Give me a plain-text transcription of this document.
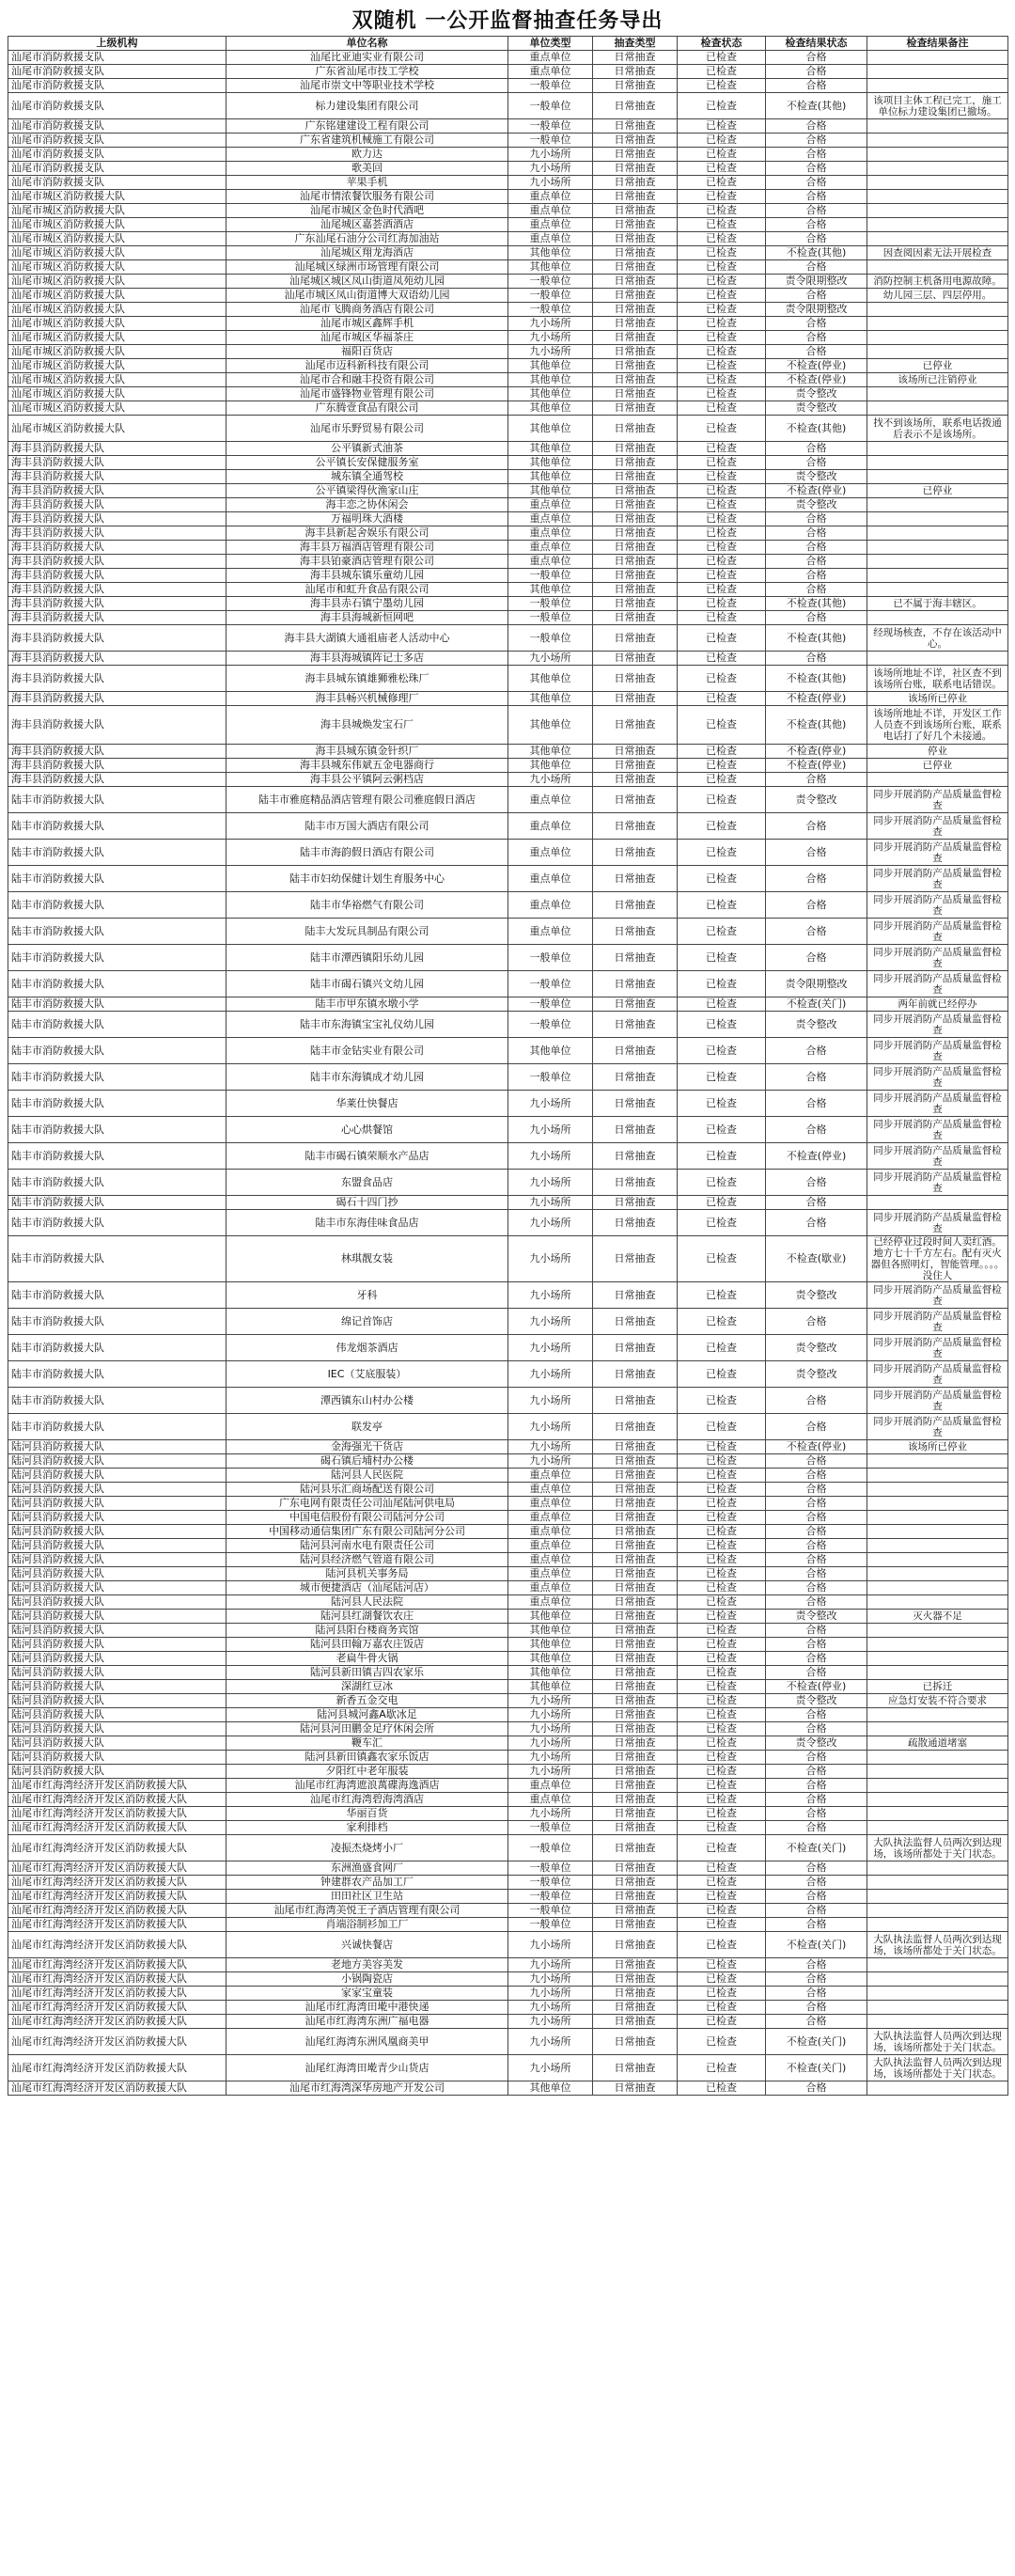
双随机 一公开监督抽查任务导出
上级机构	单位名称	单位类型	抽查类型	检查状态	检查结果状态	检查结果备注
汕尾市消防救援支队	汕尾比亚迪实业有限公司	重点单位	日常抽查	已检查	合格	
汕尾市消防救援支队	广东省汕尾市技工学校	重点单位	日常抽查	已检查	合格	
汕尾市消防救援支队	汕尾市崇文中等职业技术学校	一般单位	日常抽查	已检查	合格	
汕尾市消防救援支队	标力建设集团有限公司	一般单位	日常抽查	已检查	不检查(其他)	该项目主体工程已完工，施工单位标力建设集团已撤场。
汕尾市消防救援支队	广东铭建建设工程有限公司	一般单位	日常抽查	已检查	合格	
汕尾市消防救援支队	广东省建筑机械施工有限公司	一般单位	日常抽查	已检查	合格	
汕尾市消防救援支队	欧力达	九小场所	日常抽查	已检查	合格	
汕尾市消防救援支队	歌美回	九小场所	日常抽查	已检查	合格	
汕尾市消防救援支队	苹果手机	九小场所	日常抽查	已检查	合格	
汕尾市城区消防救援大队	汕尾市情浓餐饮服务有限公司	重点单位	日常抽查	已检查	合格	
汕尾市城区消防救援大队	汕尾市城区金色时代酒吧	重点单位	日常抽查	已检查	合格	
汕尾市城区消防救援大队	汕尾城区嘉荟酒酒店	重点单位	日常抽查	已检查	合格	
汕尾市城区消防救援大队	广东汕尾石油分公司红海加油站	重点单位	日常抽查	已检查	合格	
汕尾市城区消防救援大队	汕尾城区翔龙海酒店	其他单位	日常抽查	已检查	不检查(其他)	因查阅因素无法开展检查
汕尾市城区消防救援大队	汕尾城区绿洲市场管理有限公司	其他单位	日常抽查	已检查	合格	
汕尾市城区消防救援大队	汕尾城区城区凤山街道凤苑幼儿园	一般单位	日常抽查	已检查	责令限期整改	消防控制主机备用电源故障。
汕尾市城区消防救援大队	汕尾市城区凤山街道博大双语幼儿园	一般单位	日常抽查	已检查	合格	幼儿园三层、四层停用。
汕尾市城区消防救援大队	汕尾市飞腾商务酒店有限公司	一般单位	日常抽查	已检查	责令限期整改	
汕尾市城区消防救援大队	汕尾市城区鑫辉手机	九小场所	日常抽查	已检查	合格	
汕尾市城区消防救援大队	汕尾市城区华福茶庄	九小场所	日常抽查	已检查	合格	
汕尾市城区消防救援大队	福阳百货店	九小场所	日常抽查	已检查	合格	
汕尾市城区消防救援大队	汕尾市迈科新科技有限公司	其他单位	日常抽查	已检查	不检查(停业)	已停业
汕尾市城区消防救援大队	汕尾市合和融丰投资有限公司	其他单位	日常抽查	已检查	不检查(停业)	该场所已注销停业
汕尾市城区消防救援大队	汕尾市盛锋物业管理有限公司	其他单位	日常抽查	已检查	责令整改	
汕尾市城区消防救援大队	广东腾壹食品有限公司	其他单位	日常抽查	已检查	责令整改	
汕尾市城区消防救援大队	汕尾市乐野贸易有限公司	其他单位	日常抽查	已检查	不检查(其他)	找不到该场所，联系电话拨通后表示不是该场所。
海丰县消防救援大队	公平镇新式油茶	其他单位	日常抽查	已检查	合格	
海丰县消防救援大队	公平镇长安保健服务室	其他单位	日常抽查	已检查	合格	
海丰县消防救援大队	城东镇全通驾校	其他单位	日常抽查	已检查	责令整改	
海丰县消防救援大队	公平镇梁得伙渔家山庄	其他单位	日常抽查	已检查	不检查(停业)	已停业
海丰县消防救援大队	海丰恋之协休闲会	重点单位	日常抽查	已检查	责令整改	
海丰县消防救援大队	万福明珠大酒楼	重点单位	日常抽查	已检查	合格	
海丰县消防救援大队	海丰县新起舍娱乐有限公司	重点单位	日常抽查	已检查	合格	
海丰县消防救援大队	海丰县万福酒店管理有限公司	重点单位	日常抽查	已检查	合格	
海丰县消防救援大队	海丰县铂豪酒店管理有限公司	重点单位	日常抽查	已检查	合格	
海丰县消防救援大队	海丰县城东镇乐童幼儿园	一般单位	日常抽查	已检查	合格	
海丰县消防救援大队	汕尾市和虹升食品有限公司	其他单位	日常抽查	已检查	合格	
海丰县消防救援大队	海丰县赤石镇宁墨幼儿园	一般单位	日常抽查	已检查	不检查(其他)	已不属于海丰辖区。
海丰县消防救援大队	海丰县海城新恒网吧	一般单位	日常抽查	已检查	合格	
海丰县消防救援大队	海丰县大湖镇大通祖庙老人活动中心	一般单位	日常抽查	已检查	不检查(其他)	经现场核查，不存在该活动中心。
海丰县消防救援大队	海丰县海城镇阵记士多店	九小场所	日常抽查	已检查	合格	
海丰县消防救援大队	海丰县城东镇雄狮雅松珠厂	其他单位	日常抽查	已检查	不检查(其他)	该场所地址不详，社区查不到该场所台账，联系电话错误。
海丰县消防救援大队	海丰县畅兴机械修理厂	其他单位	日常抽查	已检查	不检查(停业)	该场所已停业
海丰县消防救援大队	海丰县城焕发宝石厂	其他单位	日常抽查	已检查	不检查(其他)	该场所地址不详，开发区工作人员查不到该场所台账，联系电话打了好几个未接通。
海丰县消防救援大队	海丰县城东镇金针织厂	其他单位	日常抽查	已检查	不检查(停业)	停业
海丰县消防救援大队	海丰县城东伟斌五金电器商行	其他单位	日常抽查	已检查	不检查(停业)	已停业
海丰县消防救援大队	海丰县公平镇阿云粥档店	九小场所	日常抽查	已检查	合格	
陆丰市消防救援大队	陆丰市雅庭精品酒店管理有限公司雅庭假日酒店	重点单位	日常抽查	已检查	责令整改	同步开展消防产品质量监督检查
陆丰市消防救援大队	陆丰市万国大酒店有限公司	重点单位	日常抽查	已检查	合格	同步开展消防产品质量监督检查
陆丰市消防救援大队	陆丰市海韵假日酒店有限公司	重点单位	日常抽查	已检查	合格	同步开展消防产品质量监督检查
陆丰市消防救援大队	陆丰市妇幼保健计划生育服务中心	重点单位	日常抽查	已检查	合格	同步开展消防产品质量监督检查
陆丰市消防救援大队	陆丰市华裕燃气有限公司	重点单位	日常抽查	已检查	合格	同步开展消防产品质量监督检查
陆丰市消防救援大队	陆丰大发玩具制品有限公司	重点单位	日常抽查	已检查	合格	同步开展消防产品质量监督检查
陆丰市消防救援大队	陆丰市潭西镇阳乐幼儿园	一般单位	日常抽查	已检查	合格	同步开展消防产品质量监督检查
陆丰市消防救援大队	陆丰市碣石镇兴文幼儿园	一般单位	日常抽查	已检查	责令限期整改	同步开展消防产品质量监督检查
陆丰市消防救援大队	陆丰市甲东镇水墩小学	一般单位	日常抽查	已检查	不检查(关门)	两年前就已经停办
陆丰市消防救援大队	陆丰市东海镇宝宝礼仪幼儿园	一般单位	日常抽查	已检查	责令整改	同步开展消防产品质量监督检查
陆丰市消防救援大队	陆丰市金钻实业有限公司	其他单位	日常抽查	已检查	合格	同步开展消防产品质量监督检查
陆丰市消防救援大队	陆丰市东海镇成才幼儿园	一般单位	日常抽查	已检查	合格	同步开展消防产品质量监督检查
陆丰市消防救援大队	华莱仕快餐店	九小场所	日常抽查	已检查	合格	同步开展消防产品质量监督检查
陆丰市消防救援大队	心心烘餐馆	九小场所	日常抽查	已检查	合格	同步开展消防产品质量监督检查
陆丰市消防救援大队	陆丰市碣石镇荣顺水产品店	九小场所	日常抽查	已检查	不检查(停业)	同步开展消防产品质量监督检查
陆丰市消防救援大队	东盟食品店	九小场所	日常抽查	已检查	合格	同步开展消防产品质量监督检查
陆丰市消防救援大队	碣石十四门抄	九小场所	日常抽查	已检查	合格	
陆丰市消防救援大队	陆丰市东海佳味食品店	九小场所	日常抽查	已检查	合格	同步开展消防产品质量监督检查
陆丰市消防救援大队	林琪靓女装	九小场所	日常抽查	已检查	不检查(歇业)	已经停业过段时间人卖红酒。地方七十千方左右。配有灭火器但各照明灯，智能管理。。。。没住人
陆丰市消防救援大队	牙科	九小场所	日常抽查	已检查	责令整改	同步开展消防产品质量监督检查
陆丰市消防救援大队	绵记首饰店	九小场所	日常抽查	已检查	合格	同步开展消防产品质量监督检查
陆丰市消防救援大队	伟龙烟茶酒店	九小场所	日常抽查	已检查	责令整改	同步开展消防产品质量监督检查
陆丰市消防救援大队	IEC（艾底服装）	九小场所	日常抽查	已检查	责令整改	同步开展消防产品质量监督检查
陆丰市消防救援大队	潭西镇东山村办公楼	九小场所	日常抽查	已检查	合格	同步开展消防产品质量监督检查
陆丰市消防救援大队	联发亭	九小场所	日常抽查	已检查	合格	同步开展消防产品质量监督检查
陆河县消防救援大队	金海强光干货店	九小场所	日常抽查	已检查	不检查(停业)	该场所已停业
陆河县消防救援大队	碣石镇后埔村办公楼	九小场所	日常抽查	已检查	合格	
陆河县消防救援大队	陆河县人民医院	重点单位	日常抽查	已检查	合格	
陆河县消防救援大队	陆河县乐汇商场配送有限公司	重点单位	日常抽查	已检查	合格	
陆河县消防救援大队	广东电网有限责任公司汕尾陆河供电局	重点单位	日常抽查	已检查	合格	
陆河县消防救援大队	中国电信股份有限公司陆河分公司	重点单位	日常抽查	已检查	合格	
陆河县消防救援大队	中国移动通信集团广东有限公司陆河分公司	重点单位	日常抽查	已检查	合格	
陆河县消防救援大队	陆河县河南水电有限责任公司	重点单位	日常抽查	已检查	合格	
陆河县消防救援大队	陆河县经济燃气管道有限公司	重点单位	日常抽查	已检查	合格	
陆河县消防救援大队	陆河县机关事务局	重点单位	日常抽查	已检查	合格	
陆河县消防救援大队	城市便捷酒店（汕尾陆河店）	重点单位	日常抽查	已检查	合格	
陆河县消防救援大队	陆河县人民法院	重点单位	日常抽查	已检查	合格	
陆河县消防救援大队	陆河县红湖餐饮农庄	其他单位	日常抽查	已检查	责令整改	灭火器不足
陆河县消防救援大队	陆河县阳台楼商务宾馆	其他单位	日常抽查	已检查	合格	
陆河县消防救援大队	陆河县田翰万嘉农庄饭店	其他单位	日常抽查	已检查	合格	
陆河县消防救援大队	老扁牛骨火锅	其他单位	日常抽查	已检查	合格	
陆河县消防救援大队	陆河县新田镇吉四农家乐	其他单位	日常抽查	已检查	合格	
陆河县消防救援大队	深湖红豆冰	其他单位	日常抽查	已检查	不检查(停业)	已拆迁
陆河县消防救援大队	新香五金交电	九小场所	日常抽查	已检查	责令整改	应急灯安装不符合要求
陆河县消防救援大队	陆河县城河鑫A歇冰足	九小场所	日常抽查	已检查	合格	
陆河县消防救援大队	陆河县河田鹏金足疗休闲会所	九小场所	日常抽查	已检查	合格	
陆河县消防救援大队	鞭车汇	九小场所	日常抽查	已检查	责令整改	疏散通道堵塞
陆河县消防救援大队	陆河县新田镇鑫农家乐饭店	九小场所	日常抽查	已检查	合格	
陆河县消防救援大队	夕阳红中老年服装	九小场所	日常抽查	已检查	合格	
汕尾市红海湾经济开发区消防救援大队	汕尾市红海湾遮浪萬碟海逸酒店	重点单位	日常抽查	已检查	合格	
汕尾市红海湾经济开发区消防救援大队	汕尾市红海湾碧海湾酒店	重点单位	日常抽查	已检查	合格	
汕尾市红海湾经济开发区消防救援大队	华丽百货	九小场所	日常抽查	已检查	合格	
汕尾市红海湾经济开发区消防救援大队	家利排档	一般单位	日常抽查	已检查	合格	
汕尾市红海湾经济开发区消防救援大队	凌振杰烧烤小厂	一般单位	日常抽查	已检查	不检查(关门)	大队执法监督人员两次到达现场，该场所都处于关门状态。
汕尾市红海湾经济开发区消防救援大队	东洲渔盛食网厂	一般单位	日常抽查	已检查	合格	
汕尾市红海湾经济开发区消防救援大队	钟建群农产品加工厂	一般单位	日常抽查	已检查	合格	
汕尾市红海湾经济开发区消防救援大队	田田社区卫生站	一般单位	日常抽查	已检查	合格	
汕尾市红海湾经济开发区消防救援大队	汕尾市红海湾美悦王子酒店管理有限公司	一般单位	日常抽查	已检查	合格	
汕尾市红海湾经济开发区消防救援大队	肖端浴制衫加工厂	一般单位	日常抽查	已检查	合格	
汕尾市红海湾经济开发区消防救援大队	兴诚快餐店	九小场所	日常抽查	已检查	不检查(关门)	大队执法监督人员两次到达现场，该场所都处于关门状态。
汕尾市红海湾经济开发区消防救援大队	老地方美容美发	九小场所	日常抽查	已检查	合格	
汕尾市红海湾经济开发区消防救援大队	小锅陶瓷店	九小场所	日常抽查	已检查	合格	
汕尾市红海湾经济开发区消防救援大队	家家宝童装	九小场所	日常抽查	已检查	合格	
汕尾市红海湾经济开发区消防救援大队	汕尾市红海湾田墘中港快递	九小场所	日常抽查	已检查	合格	
汕尾市红海湾经济开发区消防救援大队	汕尾市红海湾东洲广福电器	九小场所	日常抽查	已检查	合格	
汕尾市红海湾经济开发区消防救援大队	汕尾红海湾东洲风凰商美甲	九小场所	日常抽查	已检查	不检查(关门)	大队执法监督人员两次到达现场，该场所都处于关门状态。
汕尾市红海湾经济开发区消防救援大队	汕尾红海湾田墘青少山货店	九小场所	日常抽查	已检查	不检查(关门)	大队执法监督人员两次到达现场，该场所都处于关门状态。
汕尾市红海湾经济开发区消防救援大队	汕尾市红海湾深华房地产开发公司	其他单位	日常抽查	已检查	合格	
